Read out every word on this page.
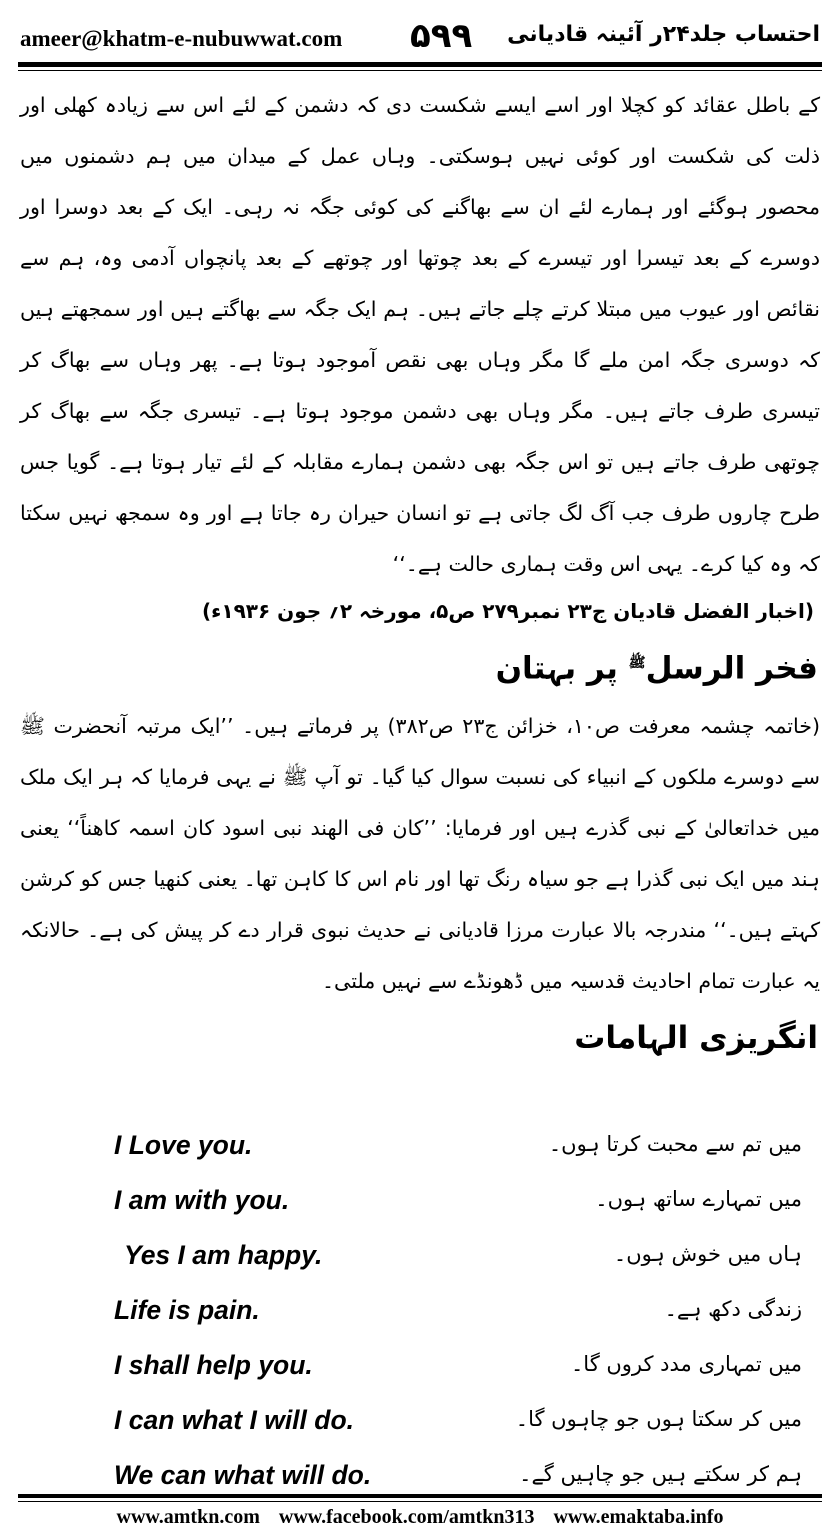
ameer@khatm-e-nubuwwat.com ۵۹۹ احتساب جلد۲۴ر آئینہ قادیانی

کے باطل عقائد کو کچلا اور اسے ایسے شکست دی کہ دشمن کے لئے اس سے زیادہ کھلی اور ذلت کی شکست اور کوئی نہیں ہوسکتی۔ وہاں عمل کے میدان میں ہم دشمنوں میں محصور ہوگئے اور ہمارے لئے ان سے بھاگنے کی کوئی جگہ نہ رہی۔ ایک کے بعد دوسرا اور دوسرے کے بعد تیسرا اور تیسرے کے بعد چوتھا اور چوتھے کے بعد پانچواں آدمی وہ، ہم سے نقائص اور عیوب میں مبتلا کرتے چلے جاتے ہیں۔ ہم ایک جگہ سے بھاگتے ہیں اور سمجھتے ہیں کہ دوسری جگہ امن ملے گا مگر وہاں بھی نقص آموجود ہوتا ہے۔ پھر وہاں سے بھاگ کر تیسری طرف جاتے ہیں۔ مگر وہاں بھی دشمن موجود ہوتا ہے۔ تیسری جگہ سے بھاگ کر چوتھی طرف جاتے ہیں تو اس جگہ بھی دشمن ہمارے مقابلہ کے لئے تیار ہوتا ہے۔ گویا جس طرح چاروں طرف جب آگ لگ جاتی ہے تو انسان حیران رہ جاتا ہے اور وہ سمجھ نہیں سکتا کہ وہ کیا کرے۔ یہی اس وقت ہماری حالت ہے۔‘‘

(اخبار الفضل قادیان ج۲۳ نمبر۲۷۹ ص۵، مورخہ ۲؍ جون ۱۹۳۶ء)

فخر الرسلﷺ پر بہتان

(خاتمہ چشمہ معرفت ص۱۰، خزائن ج۲۳ ص۳۸۲) پر فرماتے ہیں۔ ’’ایک مرتبہ آنحضرت ﷺ سے دوسرے ملکوں کے انبیاء کی نسبت سوال کیا گیا۔ تو آپ ﷺ نے یہی فرمایا کہ ہر ایک ملک میں خداتعالیٰ کے نبی گذرے ہیں اور فرمایا: ’’کان فی الھند نبی اسود کان اسمہ کاھناً‘‘ یعنی ہند میں ایک نبی گذرا ہے جو سیاہ رنگ تھا اور نام اس کا کاہن تھا۔ یعنی کنھیا جس کو کرشن کہتے ہیں۔‘‘ مندرجہ بالا عبارت مرزا قادیانی نے حدیث نبوی قرار دے کر پیش کی ہے۔ حالانکہ یہ عبارت تمام احادیث قدسیہ میں ڈھونڈے سے نہیں ملتی۔

انگریزی الہامات

I Love you.	میں تم سے محبت کرتا ہوں۔
I am with you.	میں تمہارے ساتھ ہوں۔
Yes I am happy.	ہاں میں خوش ہوں۔
Life is pain.	زندگی دکھ ہے۔
I shall help you.	میں تمہاری مدد کروں گا۔
I can what I will do.	میں کر سکتا ہوں جو چاہوں گا۔
We can what will do.	ہم کر سکتے ہیں جو چاہیں گے۔
www.amtkn.com www.facebook.com/amtkn313 www.emaktaba.info
